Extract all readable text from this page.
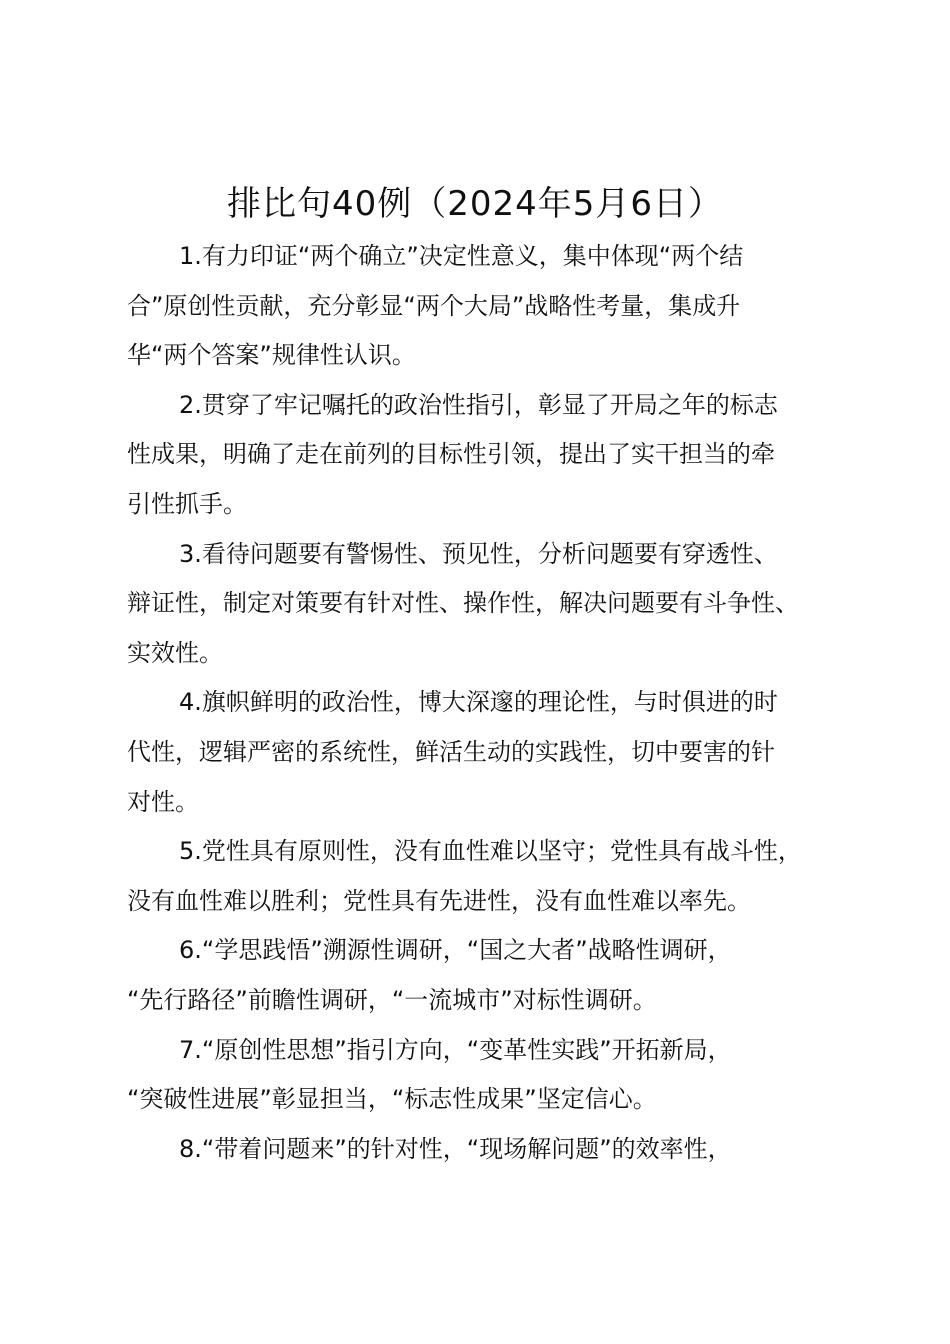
排比句40例（2024年5月6日）
1.有力印证“两个确立”决定性意义，集中体现“两个结
合”原创性贡献，充分彰显“两个大局”战略性考量，集成升
华“两个答案”规律性认识。
2.贯穿了牢记嘱托的政治性指引，彰显了开局之年的标志
性成果，明确了走在前列的目标性引领，提出了实干担当的牵
引性抓手。
3.看待问题要有警惕性、预见性，分析问题要有穿透性、
辩证性，制定对策要有针对性、操作性，解决问题要有斗争性、
实效性。
4.旗帜鲜明的政治性，博大深邃的理论性，与时俱进的时
代性，逻辑严密的系统性，鲜活生动的实践性，切中要害的针
对性。
5.党性具有原则性，没有血性难以坚守；党性具有战斗性，
没有血性难以胜利；党性具有先进性，没有血性难以率先。
6.“学思践悟”溯源性调研，“国之大者”战略性调研，
“先行路径”前瞻性调研，“一流城市”对标性调研。
7.“原创性思想”指引方向，“变革性实践”开拓新局，
“突破性进展”彰显担当，“标志性成果”坚定信心。
8.“带着问题来”的针对性，“现场解问题”的效率性，
